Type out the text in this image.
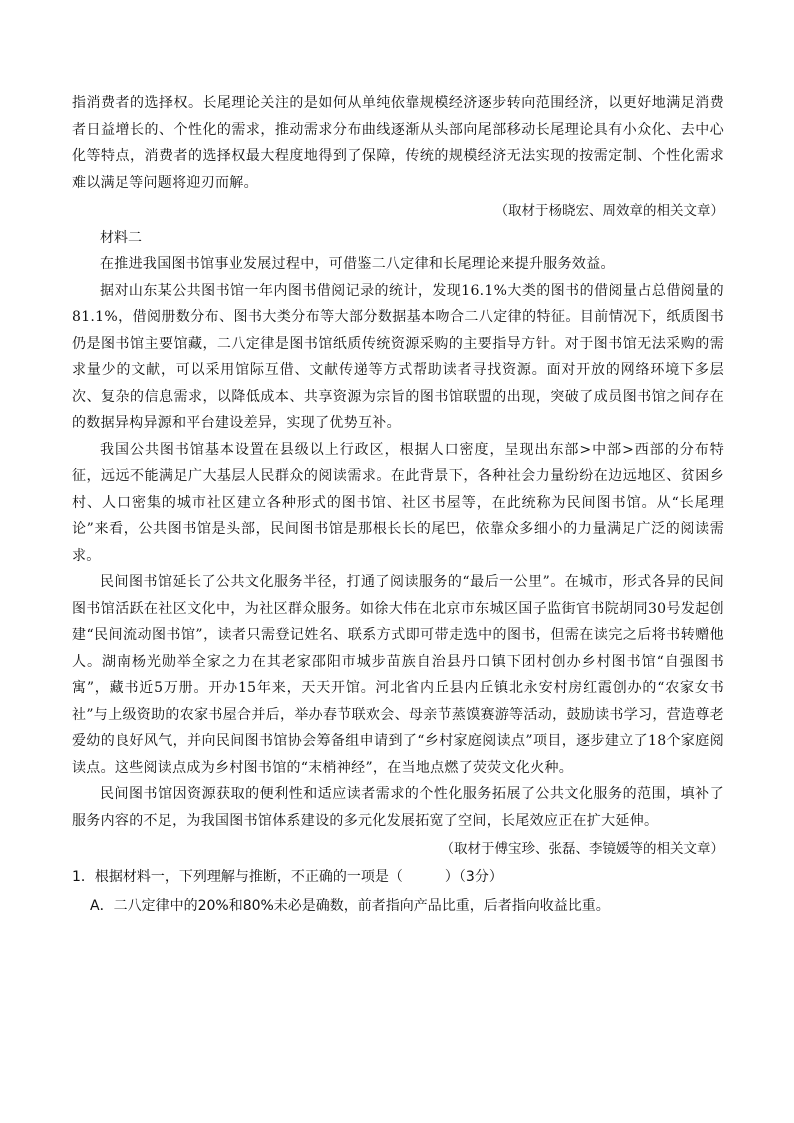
指消费者的选择权。长尾理论关注的是如何从单纯依靠规模经济逐步转向范围经济，以更好地满足消费者日益增长的、个性化的需求，推动需求分布曲线逐渐从头部向尾部移动长尾理论具有小众化、去中心化等特点，消费者的选择权最大程度地得到了保障，传统的规模经济无法实现的按需定制、个性化需求难以满足等问题将迎刃而解。

（取材于杨晓宏、周效章的相关文章）

材料二

在推进我国图书馆事业发展过程中，可借鉴二八定律和长尾理论来提升服务效益。

据对山东某公共图书馆一年内图书借阅记录的统计，发现16.1%大类的图书的借阅量占总借阅量的81.1%，借阅册数分布、图书大类分布等大部分数据基本吻合二八定律的特征。目前情况下，纸质图书仍是图书馆主要馆藏，二八定律是图书馆纸质传统资源采购的主要指导方针。对于图书馆无法采购的需求量少的文献，可以采用馆际互借、文献传递等方式帮助读者寻找资源。面对开放的网络环境下多层次、复杂的信息需求，以降低成本、共享资源为宗旨的图书馆联盟的出现，突破了成员图书馆之间存在的数据异构异源和平台建设差异，实现了优势互补。

我国公共图书馆基本设置在县级以上行政区，根据人口密度，呈现出东部>中部>西部的分布特征，远远不能满足广大基层人民群众的阅读需求。在此背景下，各种社会力量纷纷在边远地区、贫困乡村、人口密集的城市社区建立各种形式的图书馆、社区书屋等，在此统称为民间图书馆。从“长尾理论”来看，公共图书馆是头部，民间图书馆是那根长长的尾巴，依靠众多细小的力量满足广泛的阅读需求。

民间图书馆延长了公共文化服务半径，打通了阅读服务的“最后一公里”。在城市，形式各异的民间图书馆活跃在社区文化中，为社区群众服务。如徐大伟在北京市东城区国子监街官书院胡同30号发起创建“民间流动图书馆”，读者只需登记姓名、联系方式即可带走选中的图书，但需在读完之后将书转赠他人。湖南杨光勋举全家之力在其老家邵阳市城步苗族自治县丹口镇下团村创办乡村图书馆“自强图书寓”，藏书近5万册。开办15年来，天天开馆。河北省内丘县内丘镇北永安村房红霞创办的“农家女书社”与上级资助的农家书屋合并后，举办春节联欢会、母亲节蒸馍赛游等活动，鼓励读书学习，营造尊老爱幼的良好风气，并向民间图书馆协会筹备组申请到了“乡村家庭阅读点”项目，逐步建立了18个家庭阅读点。这些阅读点成为乡村图书馆的“末梢神经”，在当地点燃了荧荧文化火种。

民间图书馆因资源获取的便利性和适应读者需求的个性化服务拓展了公共文化服务的范围，填补了服务内容的不足，为我国图书馆体系建设的多元化发展拓宽了空间，长尾效应正在扩大延伸。

（取材于傅宝珍、张磊、李镜媛等的相关文章）

1．根据材料一，下列理解与推断，不正确的一项是（　　　）（3分）

A．二八定律中的20%和80%未必是确数，前者指向产品比重，后者指向收益比重。
